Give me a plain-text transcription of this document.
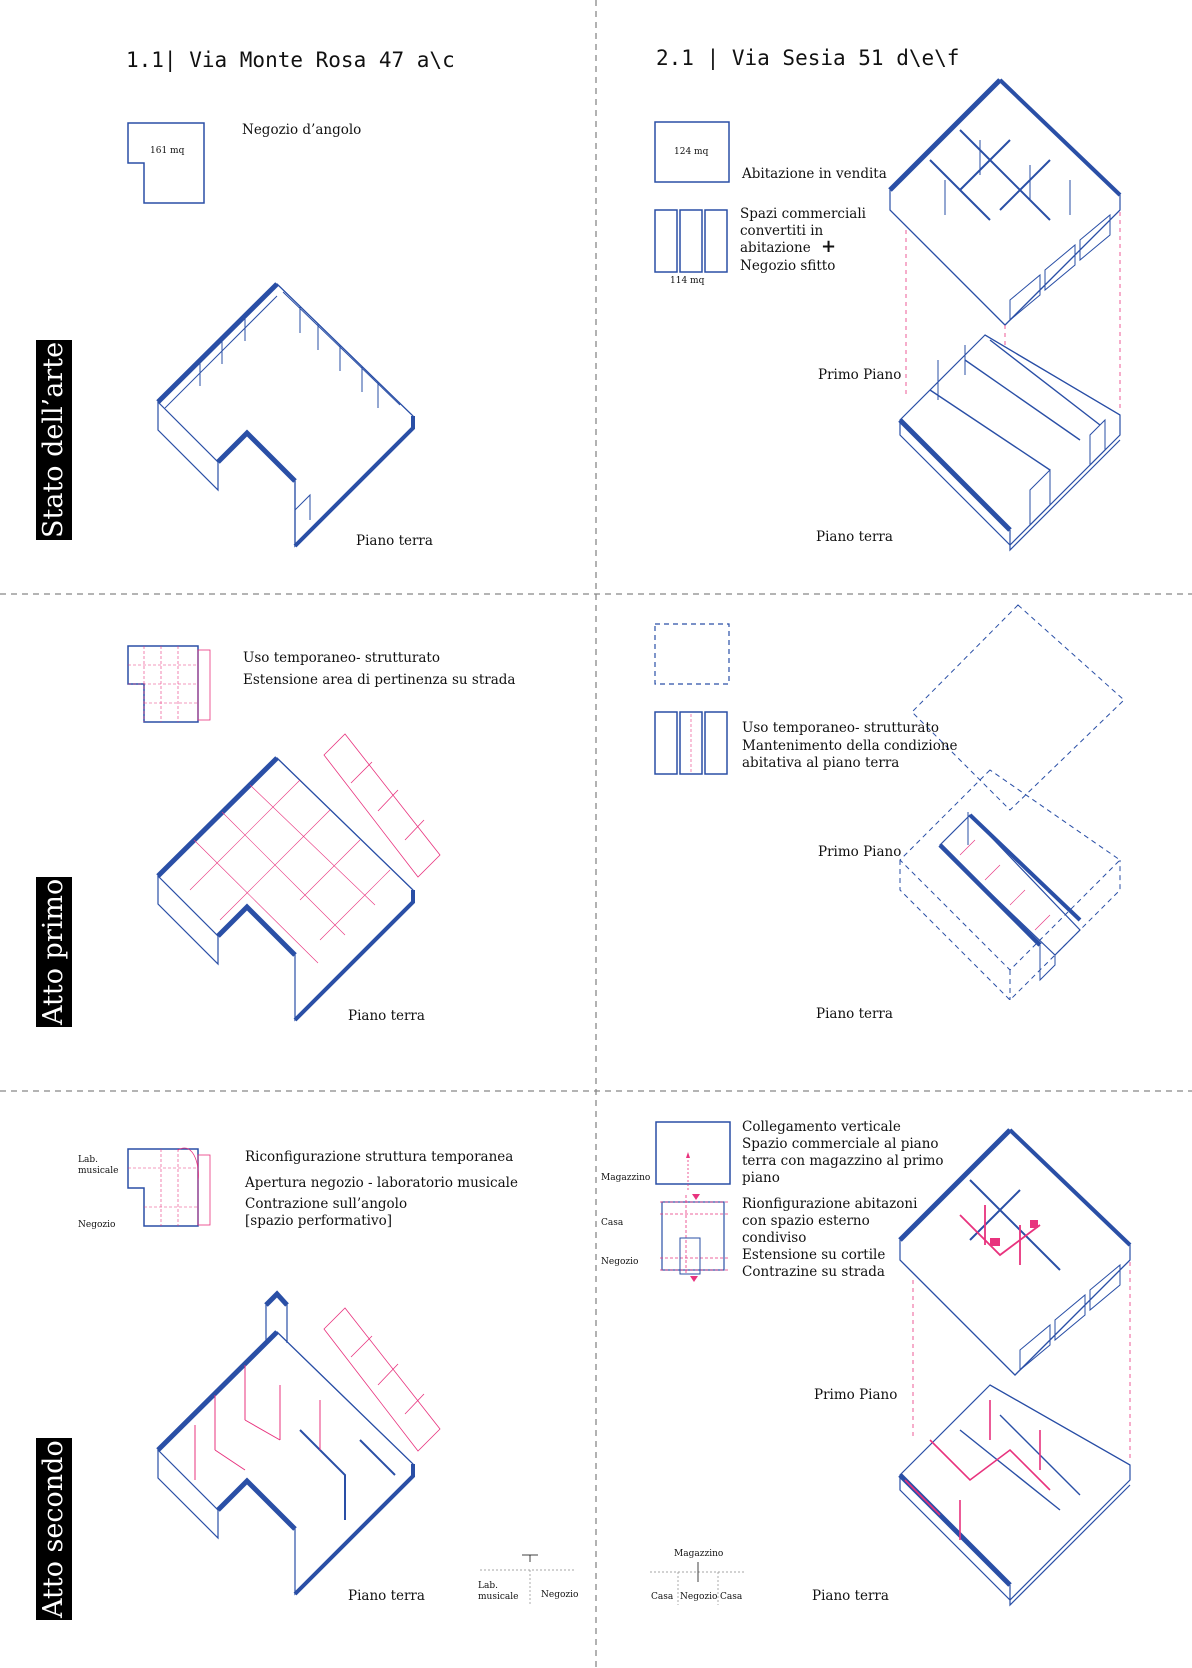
Stato dell’arte
Atto primo
Atto secondo
1.1| Via Monte Rosa 47 a\c	2.1 | Via Sesia 51 d\e\f
161 mq
Negozio d’angolo
Piano terra
124 mq
Abitazione in vendita
Spazi commerciali
convertiti in
abitazione +
Negozio sfitto
114 mq
Primo Piano
Piano terra
Uso temporaneo- strutturato
Estensione area di pertinenza su strada
Piano terra
Uso temporaneo- strutturato
Mantenimento della condizione
abitativa al piano terra
Primo Piano
Piano terra
Lab. musicale
Negozio
Riconfigurazione struttura temporanea
Apertura negozio - laboratorio musicale
Contrazione sull’angolo
[spazio performativo]
Piano terra
Lab. musicale	Negozio
Collegamento verticale
Spazio commerciale al piano
terra con magazzino al primo
piano
Rionfigurazione abitazoni
con spazio esterno
condiviso
Estensione su cortile
Contrazine su strada
Magazzino
Casa
Negozio
Primo Piano
Piano terra
Magazzino
Casa Negozio Casa
